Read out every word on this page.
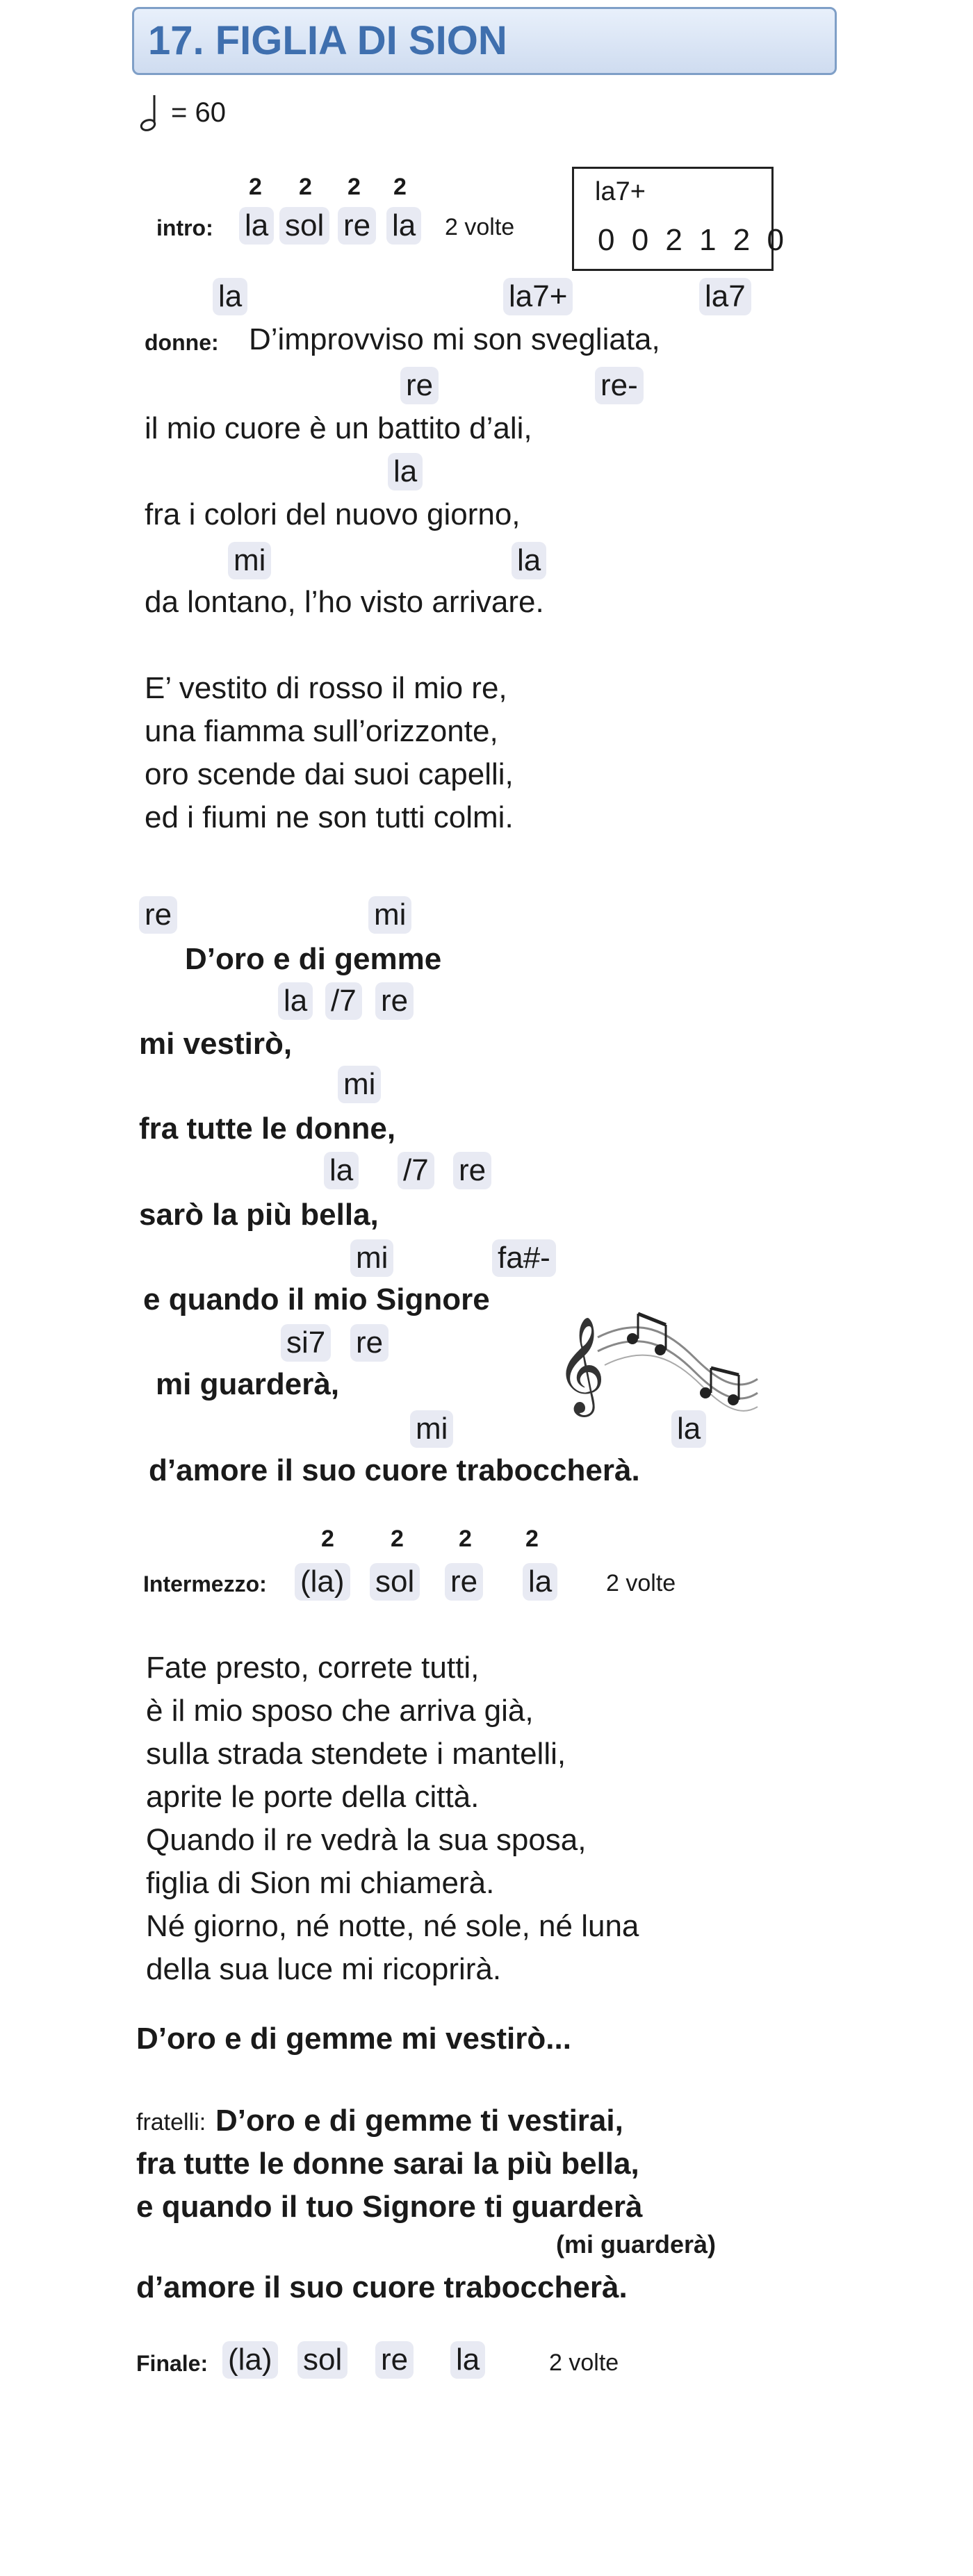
17. FIGLIA DI SION
= 60
2 2 2 2
intro: la sol re la 2 volte
la7+
0 0 2 1 2 0
la	la7+	la7
donne: D’improvviso mi son svegliata,
re	re-
il mio cuore è un battito d’ali,
la
fra i colori del nuovo giorno,
mi	la
da lontano, l’ho visto arrivare.
E’ vestito di rosso il mio re,
una fiamma sull’orizzonte,
oro scende dai suoi capelli,
ed i fiumi ne son tutti colmi.
re	mi
D’oro e di gemme
la /7 re
mi vestirò,
mi
fra tutte le donne,
la /7 re
sarò la più bella,
mi	fa#-
e quando il mio Signore
si7 re
mi guarderà,
mi	la
d’amore il suo cuore traboccherà.
𝄞
2 2 2 2
Intermezzo: (la) sol re la 2 volte
Fate presto, correte tutti,
è il mio sposo che arriva già,
sulla strada stendete i mantelli,
aprite le porte della città.
Quando il re vedrà la sua sposa,
figlia di Sion mi chiamerà.
Né giorno, né notte, né sole, né luna
della sua luce mi ricoprirà.
D’oro e di gemme mi vestirò...
fratelli: D’oro e di gemme ti vestirai,
fra tutte le donne sarai la più bella,
e quando il tuo Signore ti guarderà
(mi guarderà)
d’amore il suo cuore traboccherà.
Finale: (la) sol re la	2 volte
